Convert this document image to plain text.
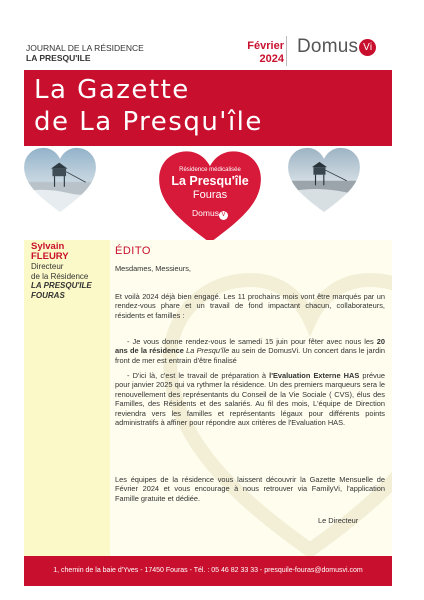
JOURNAL DE LA RÉSIDENCE
LA PRESQU'ILE
Février
2024
Domus Vi
La Gazette
de La Presqu'île
Résidence médicalisée
La Presqu'île
Fouras
Domus V
Sylvain
FLEURY
Directeur
de la Résidence
LA PRESQU'ILE
FOURAS
ÉDITO
Mesdames, Messieurs,
Et voilà 2024 déjà bien engagé. Les 11 prochains mois vont être marqués par un rendez-vous phare et un travail de fond impactant chacun, collaborateurs, résidents et familles :
- Je vous donne rendez-vous le samedi 15 juin pour fêter avec nous les 20 ans de la résidence La Presqu'île au sein de DomusVi. Un concert dans le jardin front de mer est entrain d'être finalisé
- D'ici là, c'est le travail de préparation à l'Evaluation Externe HAS prévue pour janvier 2025 qui va rythmer la résidence. Un des premiers marqueurs sera le renouvellement des représentants du Conseil de la Vie Sociale ( CVS), élus des Familles, des Résidents et des salariés. Au fil des mois, L'équipe de Direction reviendra vers les familles et représentants légaux pour différents points administratifs à affiner pour répondre aux critères de l'Evaluation HAS.
Les équipes de la résidence vous laissent découvrir la Gazette Mensuelle de Février 2024 et vous encourage à nous retrouver via FamilyVi, l'application Famille gratuite et dédiée.
Le Directeur
1, chemin de la baie d'Yves - 17450 Fouras - Tél. : 05 46 82 33 33 - presquile-fouras@domusvi.com
